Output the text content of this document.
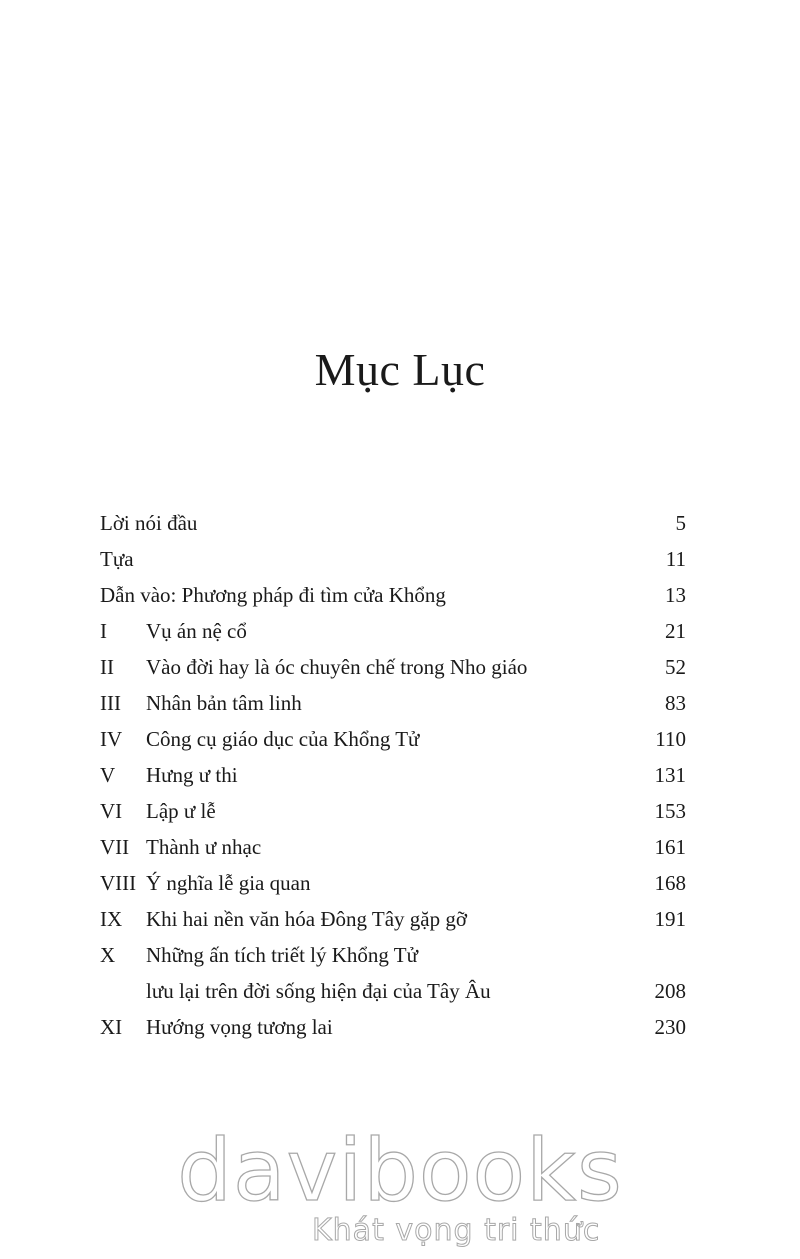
Mục Lục
Lời nói đầu	5
Tựa	11
Dẫn vào: Phương pháp đi tìm cửa Khổng	13
I Vụ án nệ cổ	21
II Vào đời hay là óc chuyên chế trong Nho giáo	52
III Nhân bản tâm linh	83
IV Công cụ giáo dục của Khổng Tử	110
V Hưng ư thi	131
VI Lập ư lễ	153
VII Thành ư nhạc	161
VIII Ý nghĩa lễ gia quan	168
IX Khi hai nền văn hóa Đông Tây gặp gỡ	191
X Những ấn tích triết lý Khổng Tử
lưu lại trên đời sống hiện đại của Tây Âu	208
XI Hướng vọng tương lai	230
davibooks
Khát vọng tri thức
